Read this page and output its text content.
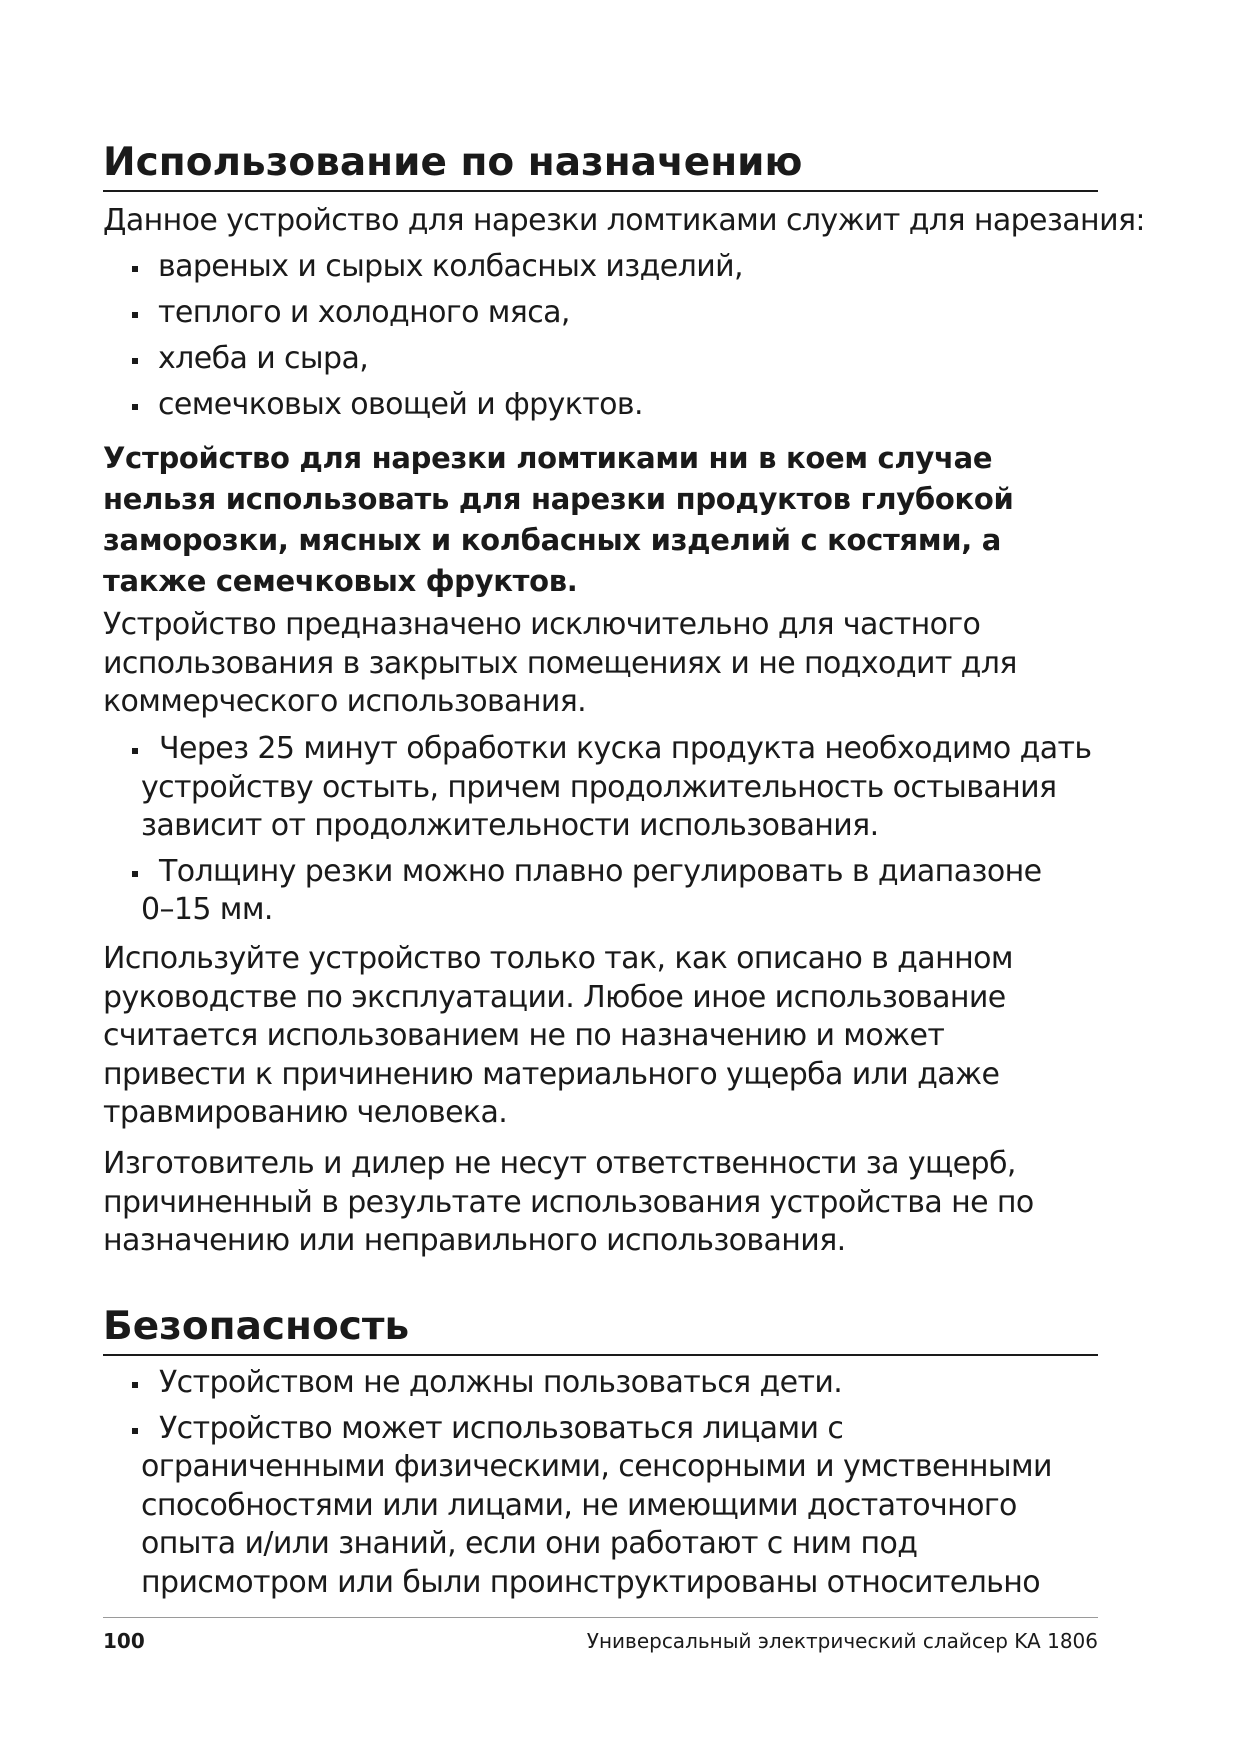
Использование по назначению

Данное устройство для нарезки ломтиками служит для нарезания:

вареных и сырых колбасных изделий,
теплого и холодного мяса,
хлеба и сыра,
семечковых овощей и фруктов.

Устройство для нарезки ломтиками ни в коем случае

нельзя использовать для нарезки продуктов глубокой

заморозки, мясных и колбасных изделий с костями, а

также семечковых фруктов.

Устройство предназначено исключительно для частного

использования в закрытых помещениях и не подходит для

коммерческого использования.

Через 25 минут обработки куска продукта необходимо дать
устройству остыть, причем продолжительность остывания
зависит от продолжительности использования.
Толщину резки можно плавно регулировать в диапазоне
0–15 мм.

Используйте устройство только так, как описано в данном

руководстве по эксплуатации. Любое иное использование

считается использованием не по назначению и может

привести к причинению материального ущерба или даже

травмированию человека.

Изготовитель и дилер не несут ответственности за ущерб,

причиненный в результате использования устройства не по

назначению или неправильного использования.

Безопасность
Устройством не должны пользоваться дети.
Устройство может использоваться лицами с
ограниченными физическими, сенсорными и умственными
способностями или лицами, не имеющими достаточного
опыта и/или знаний, если они работают с ним под
присмотром или были проинструктированы относительно
100	Универсальный электрический слайсер KA 1806
